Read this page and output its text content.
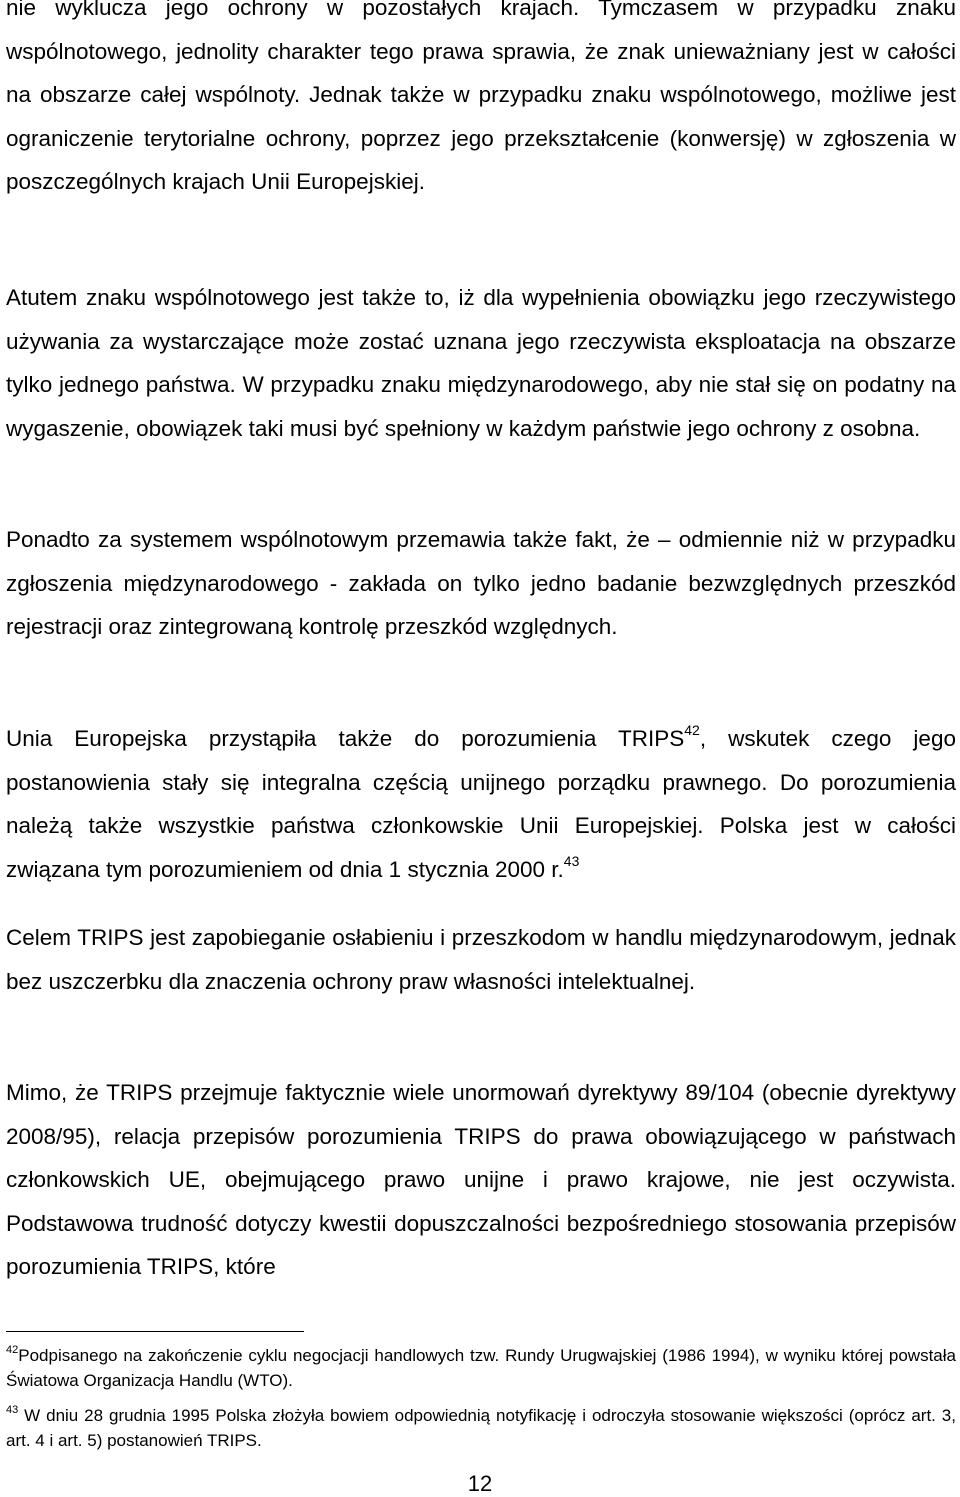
nie wyklucza jego ochrony w pozostałych krajach. Tymczasem w przypadku znaku wspólnotowego, jednolity charakter tego prawa sprawia, że znak unieważniany jest w całości na obszarze całej wspólnoty. Jednak także w przypadku znaku wspólnotowego, możliwe jest ograniczenie terytorialne ochrony, poprzez jego przekształcenie (konwersję) w zgłoszenia w poszczególnych krajach Unii Europejskiej.

Atutem znaku wspólnotowego jest także to, iż dla wypełnienia obowiązku jego rzeczywistego używania za wystarczające może zostać uznana jego rzeczywista eksploatacja na obszarze tylko jednego państwa. W przypadku znaku międzynarodowego, aby nie stał się on podatny na wygaszenie, obowiązek taki musi być spełniony w każdym państwie jego ochrony z osobna.

Ponadto za systemem wspólnotowym przemawia także fakt, że – odmiennie niż w przypadku zgłoszenia międzynarodowego - zakłada on tylko jedno badanie bezwzględnych przeszkód rejestracji oraz zintegrowaną kontrolę przeszkód względnych.

Unia Europejska przystąpiła także do porozumienia TRIPS$^{42}$, wskutek czego jego postanowienia stały się integralna częścią unijnego porządku prawnego. Do porozumienia należą także wszystkie państwa członkowskie Unii Europejskiej. Polska jest w całości związana tym porozumieniem od dnia 1 stycznia 2000 r.$^{43}$

Celem TRIPS jest zapobieganie osłabieniu i przeszkodom w handlu międzynarodowym, jednak bez uszczerbku dla znaczenia ochrony praw własności intelektualnej.

Mimo, że TRIPS przejmuje faktycznie wiele unormowań dyrektywy 89/104 (obecnie dyrektywy 2008/95), relacja przepisów porozumienia TRIPS do prawa obowiązującego w państwach członkowskich UE, obejmującego prawo unijne i prawo krajowe, nie jest oczywista. Podstawowa trudność dotyczy kwestii dopuszczalności bezpośredniego stosowania przepisów porozumienia TRIPS, które

$^{42}$Podpisanego na zakończenie cyklu negocjacji handlowych tzw. Rundy Urugwajskiej (1986 1994), w wyniku której powstała Światowa Organizacja Handlu (WTO).

$^{43}$ W dniu 28 grudnia 1995 Polska złożyła bowiem odpowiednią notyfikację i odroczyła stosowanie większości (oprócz art. 3, art. 4 i art. 5) postanowień TRIPS.

12
